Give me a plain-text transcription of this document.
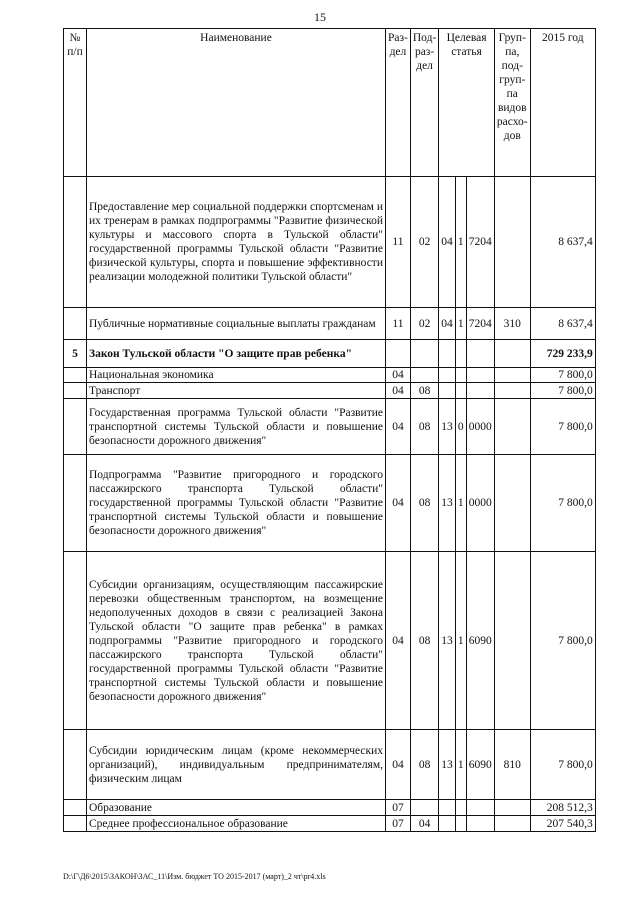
15
№ п/п	Наименование	Раз-дел	Под-раз-дел	Целевая статья			Груп-па, под-груп-па видов расхо-дов	2015 год
	Предоставление мер социальной поддержки спортсменам и их тренерам в рамках подпрограммы "Развитие физической культуры и массового спорта в Тульской области" государственной программы Тульской области "Развитие физической культуры, спорта и повышение эффективности реализации молодежной политики Тульской области"	11	02	04	1	7204		8 637,4
	Публичные нормативные социальные выплаты гражданам	11	02	04	1	7204	310	8 637,4
5	Закон Тульской области "О защите прав ребенка"							729 233,9
	Национальная экономика	04						7 800,0
	Транспорт	04	08					7 800,0
	Государственная программа Тульской области "Развитие транспортной системы Тульской области и повышение безопасности дорожного движения"	04	08	13	0	0000		7 800,0
	Подпрограмма "Развитие пригородного и городского пассажирского транспорта Тульской области" государственной программы Тульской области "Развитие транспортной системы Тульской области и повышение безопасности дорожного движения"	04	08	13	1	0000		7 800,0
	Субсидии организациям, осуществляющим пассажирские перевозки общественным транспортом, на возмещение недополученных доходов в связи с реализацией Закона Тульской области "О защите прав ребенка" в рамках подпрограммы "Развитие пригородного и городского пассажирского транспорта Тульской области" государственной программы Тульской области "Развитие транспортной системы Тульской области и повышение безопасности дорожного движения"	04	08	13	1	6090		7 800,0
	Субсидии юридическим лицам (кроме некоммерческих организаций), индивидуальным предпринимателям, физическим лицам	04	08	13	1	6090	810	7 800,0
	Образование	07						208 512,3
	Среднее профессиональное образование	07	04					207 540,3
D:\Г\Д6\2015\ЗАКОН\ЗАС_11\Изм. бюджет ТО 2015-2017 (март)_2 чт\pr4.xls
